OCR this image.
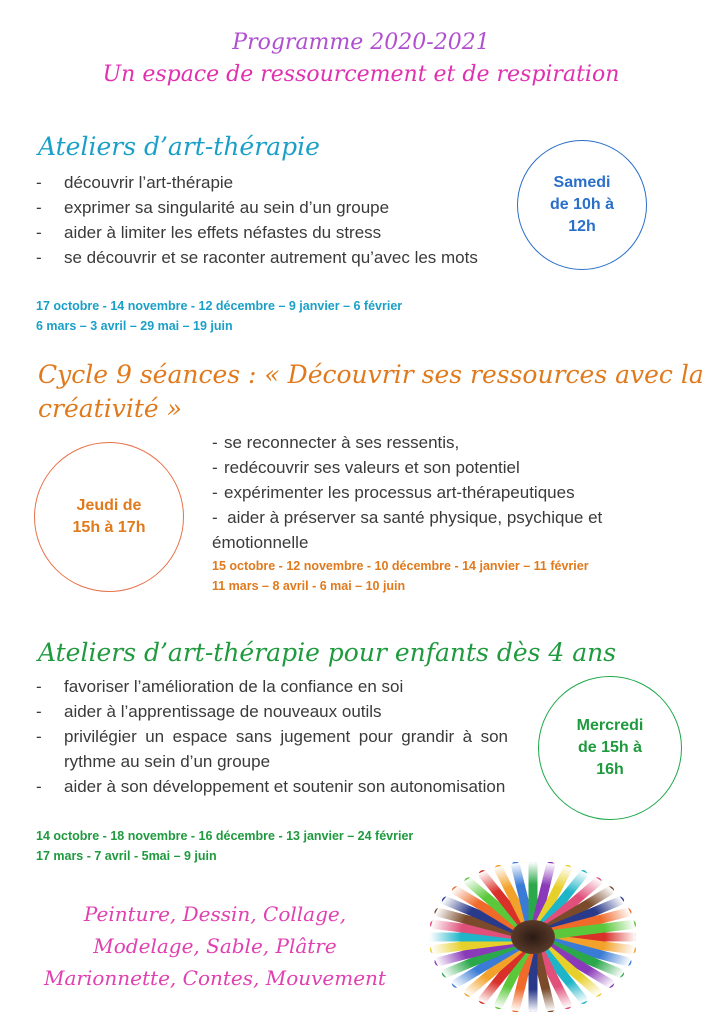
Programme 2020-2021
Un espace de ressourcement et de respiration
Ateliers d’art-thérapie
- découvrir l’art-thérapie
- exprimer sa singularité au sein d’un groupe
- aider à limiter les effets néfastes du stress
- se découvrir et se raconter autrement qu’avec les mots
17 octobre - 14 novembre - 12 décembre – 9 janvier – 6 février
6 mars – 3 avril – 29 mai – 19 juin
Samedi
de 10h à
12h
Cycle 9 séances : « Découvrir ses ressources avec la
créativité »
- se reconnecter à ses ressentis,
- redécouvrir ses valeurs et son potentiel
- expérimenter les processus art-thérapeutiques
-  aider à préserver sa santé physique, psychique et émotionnelle
15 octobre - 12 novembre - 10 décembre - 14 janvier – 11 février
11 mars – 8 avril - 6 mai – 10 juin
Jeudi de
15h à 17h
Ateliers d’art-thérapie pour enfants dès 4 ans
- favoriser l’amélioration de la confiance en soi
- aider à l’apprentissage de nouveaux outils
- privilégier un espace sans jugement pour grandir à son rythme au sein d’un groupe
- aider à son développement et soutenir son autonomisation
14 octobre - 18 novembre - 16 décembre - 13 janvier – 24 février
17 mars - 7 avril - 5mai – 9 juin
Mercredi
de 15h à
16h
Peinture, Dessin, Collage,
Modelage, Sable, Plâtre
Marionnette, Contes, Mouvement
